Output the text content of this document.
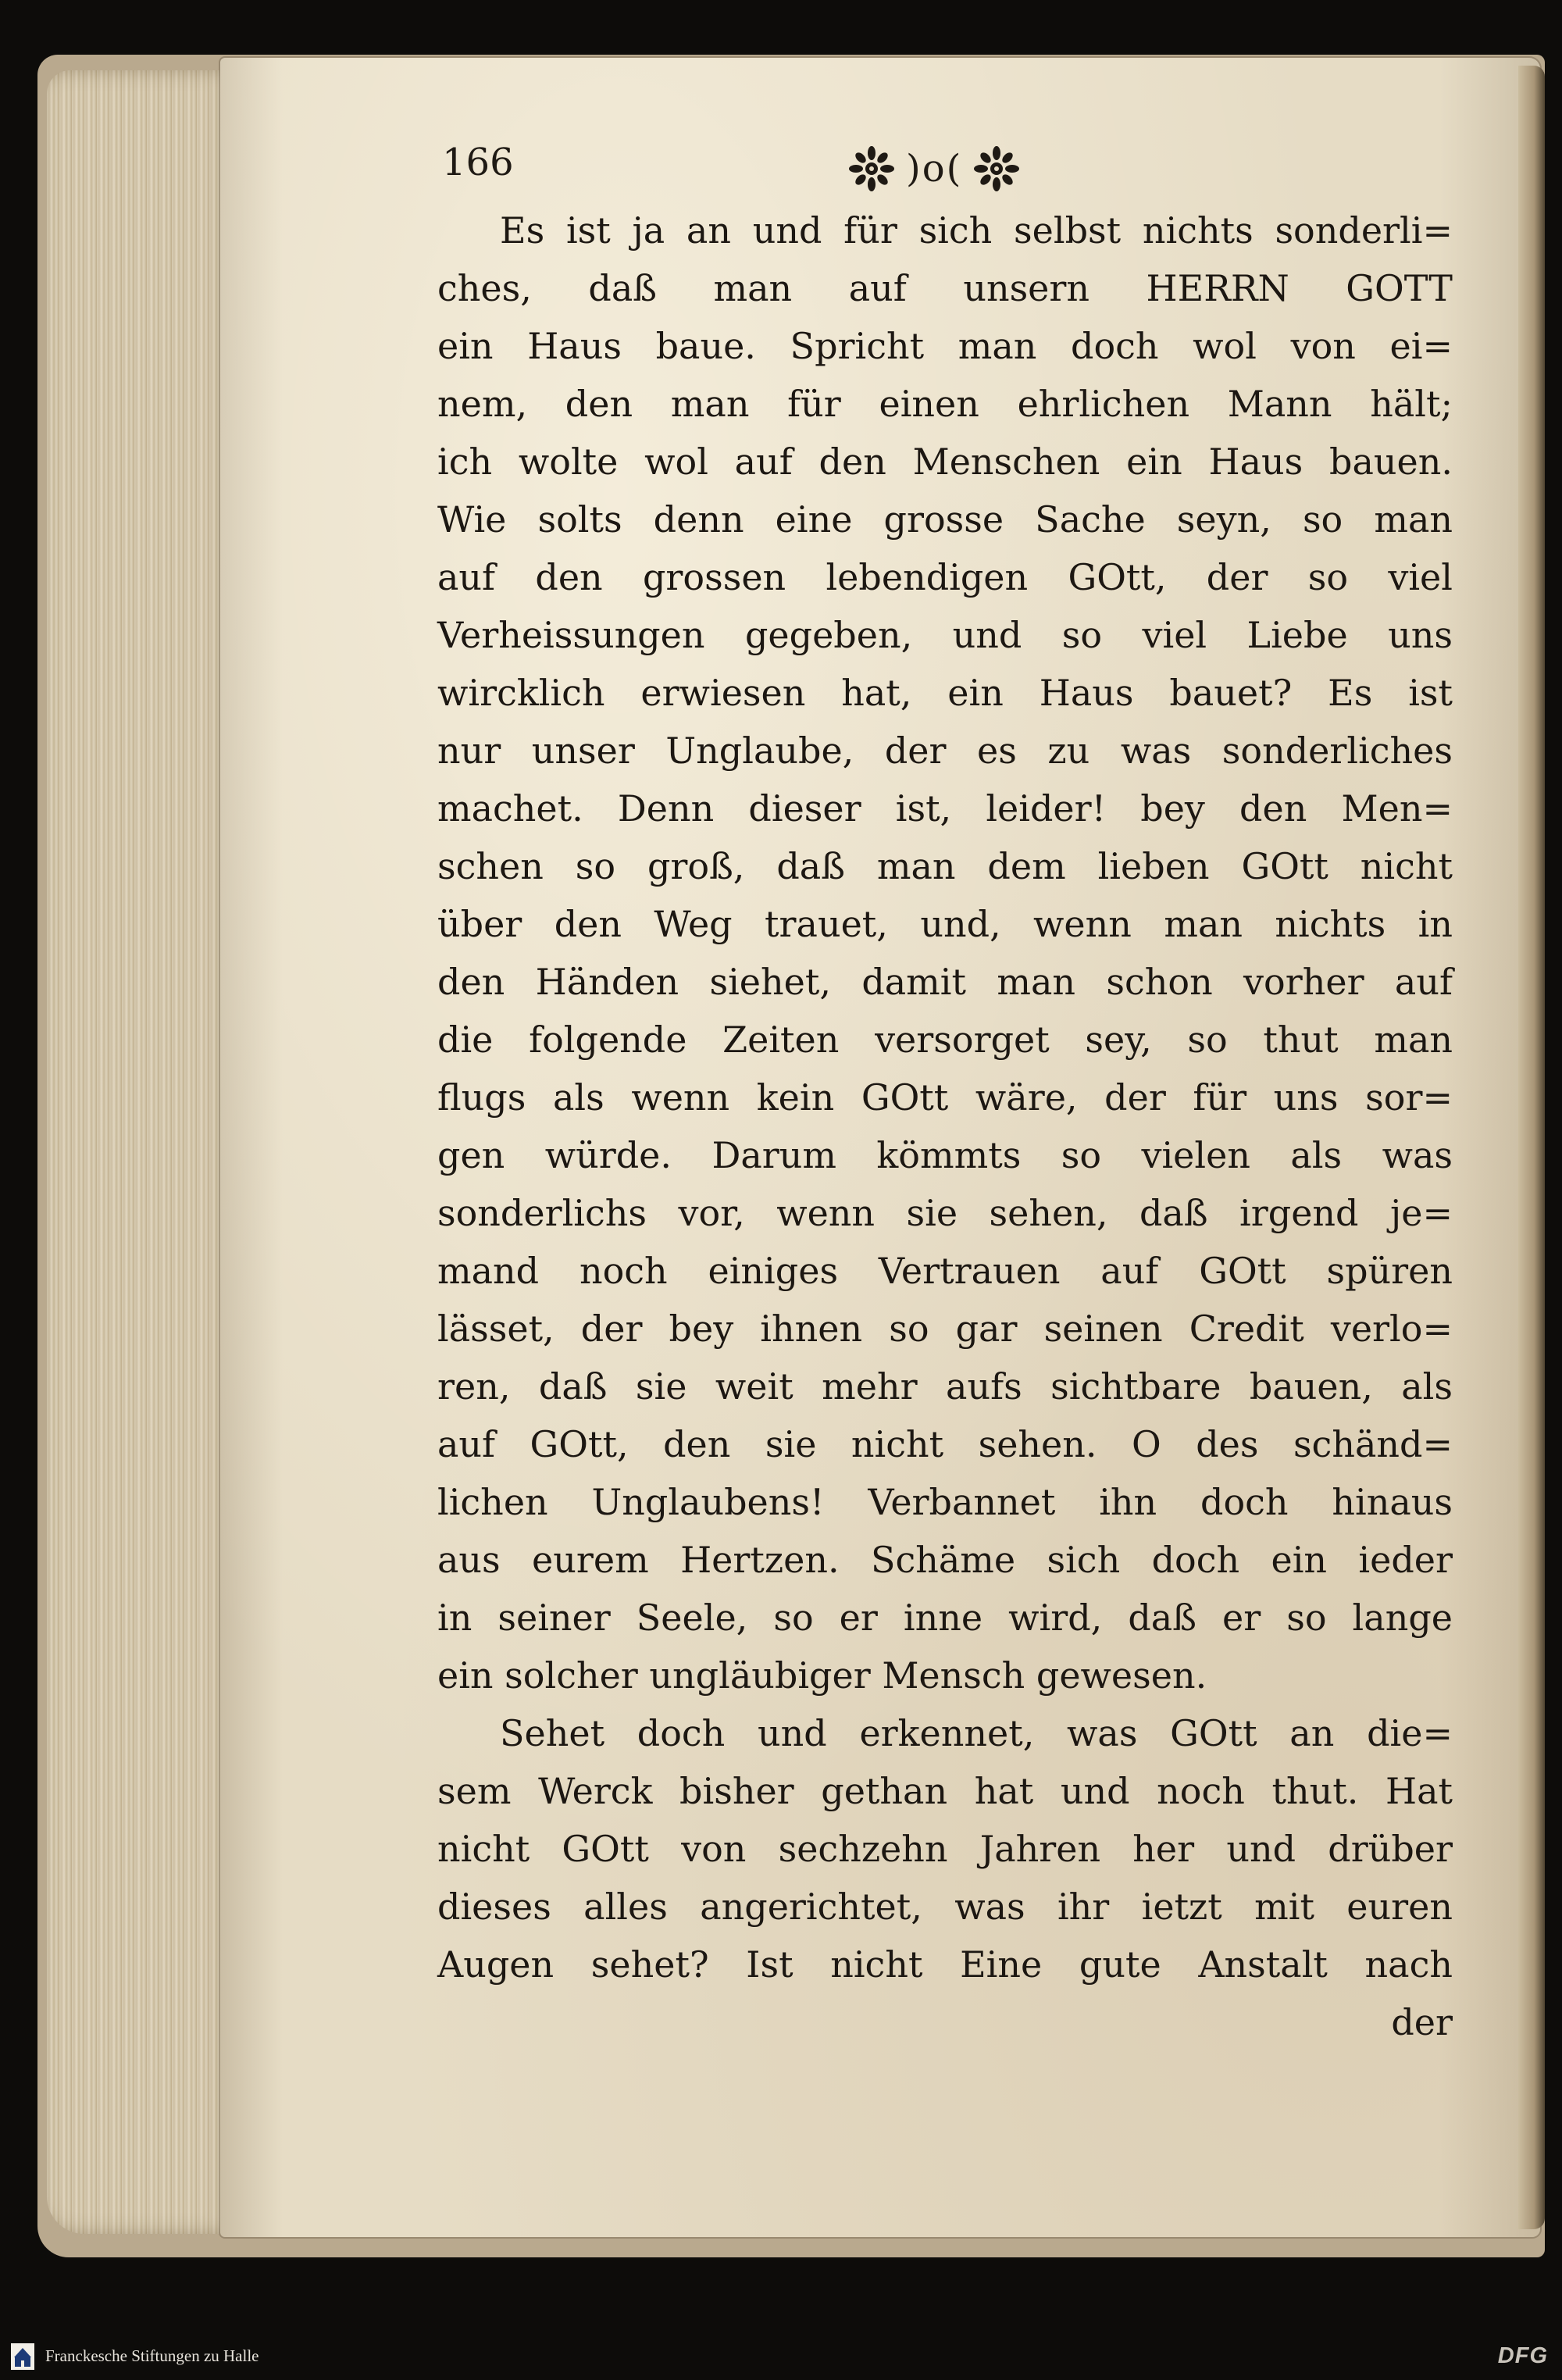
166	)o(
Es ist ja an und für sich selbst nichts sonderli=
ches, daß man auf unsern HERRN GOTT
ein Haus baue. Spricht man doch wol von ei=
nem, den man für einen ehrlichen Mann hält;
ich wolte wol auf den Menschen ein Haus bauen.
Wie solts denn eine grosse Sache seyn, so man
auf den grossen lebendigen GOtt, der so viel
Verheissungen gegeben, und so viel Liebe uns
wircklich erwiesen hat, ein Haus bauet? Es ist
nur unser Unglaube, der es zu was sonderliches
machet. Denn dieser ist, leider! bey den Men=
schen so groß, daß man dem lieben GOtt nicht
über den Weg trauet, und, wenn man nichts in
den Händen siehet, damit man schon vorher auf
die folgende Zeiten versorget sey, so thut man
flugs als wenn kein GOtt wäre, der für uns sor=
gen würde. Darum kömmts so vielen als was
sonderlichs vor, wenn sie sehen, daß irgend je=
mand noch einiges Vertrauen auf GOtt spüren
lässet, der bey ihnen so gar seinen Credit verlo=
ren, daß sie weit mehr aufs sichtbare bauen, als
auf GOtt, den sie nicht sehen. O des schänd=
lichen Unglaubens! Verbannet ihn doch hinaus
aus eurem Hertzen. Schäme sich doch ein ieder
in seiner Seele, so er inne wird, daß er so lange
ein solcher ungläubiger Mensch gewesen.
Sehet doch und erkennet, was GOtt an die=
sem Werck bisher gethan hat und noch thut. Hat
nicht GOtt von sechzehn Jahren her und drüber
dieses alles angerichtet, was ihr ietzt mit euren
Augen sehet? Ist nicht Eine gute Anstalt nach
der
Franckesche Stiftungen zu Halle	DFG
